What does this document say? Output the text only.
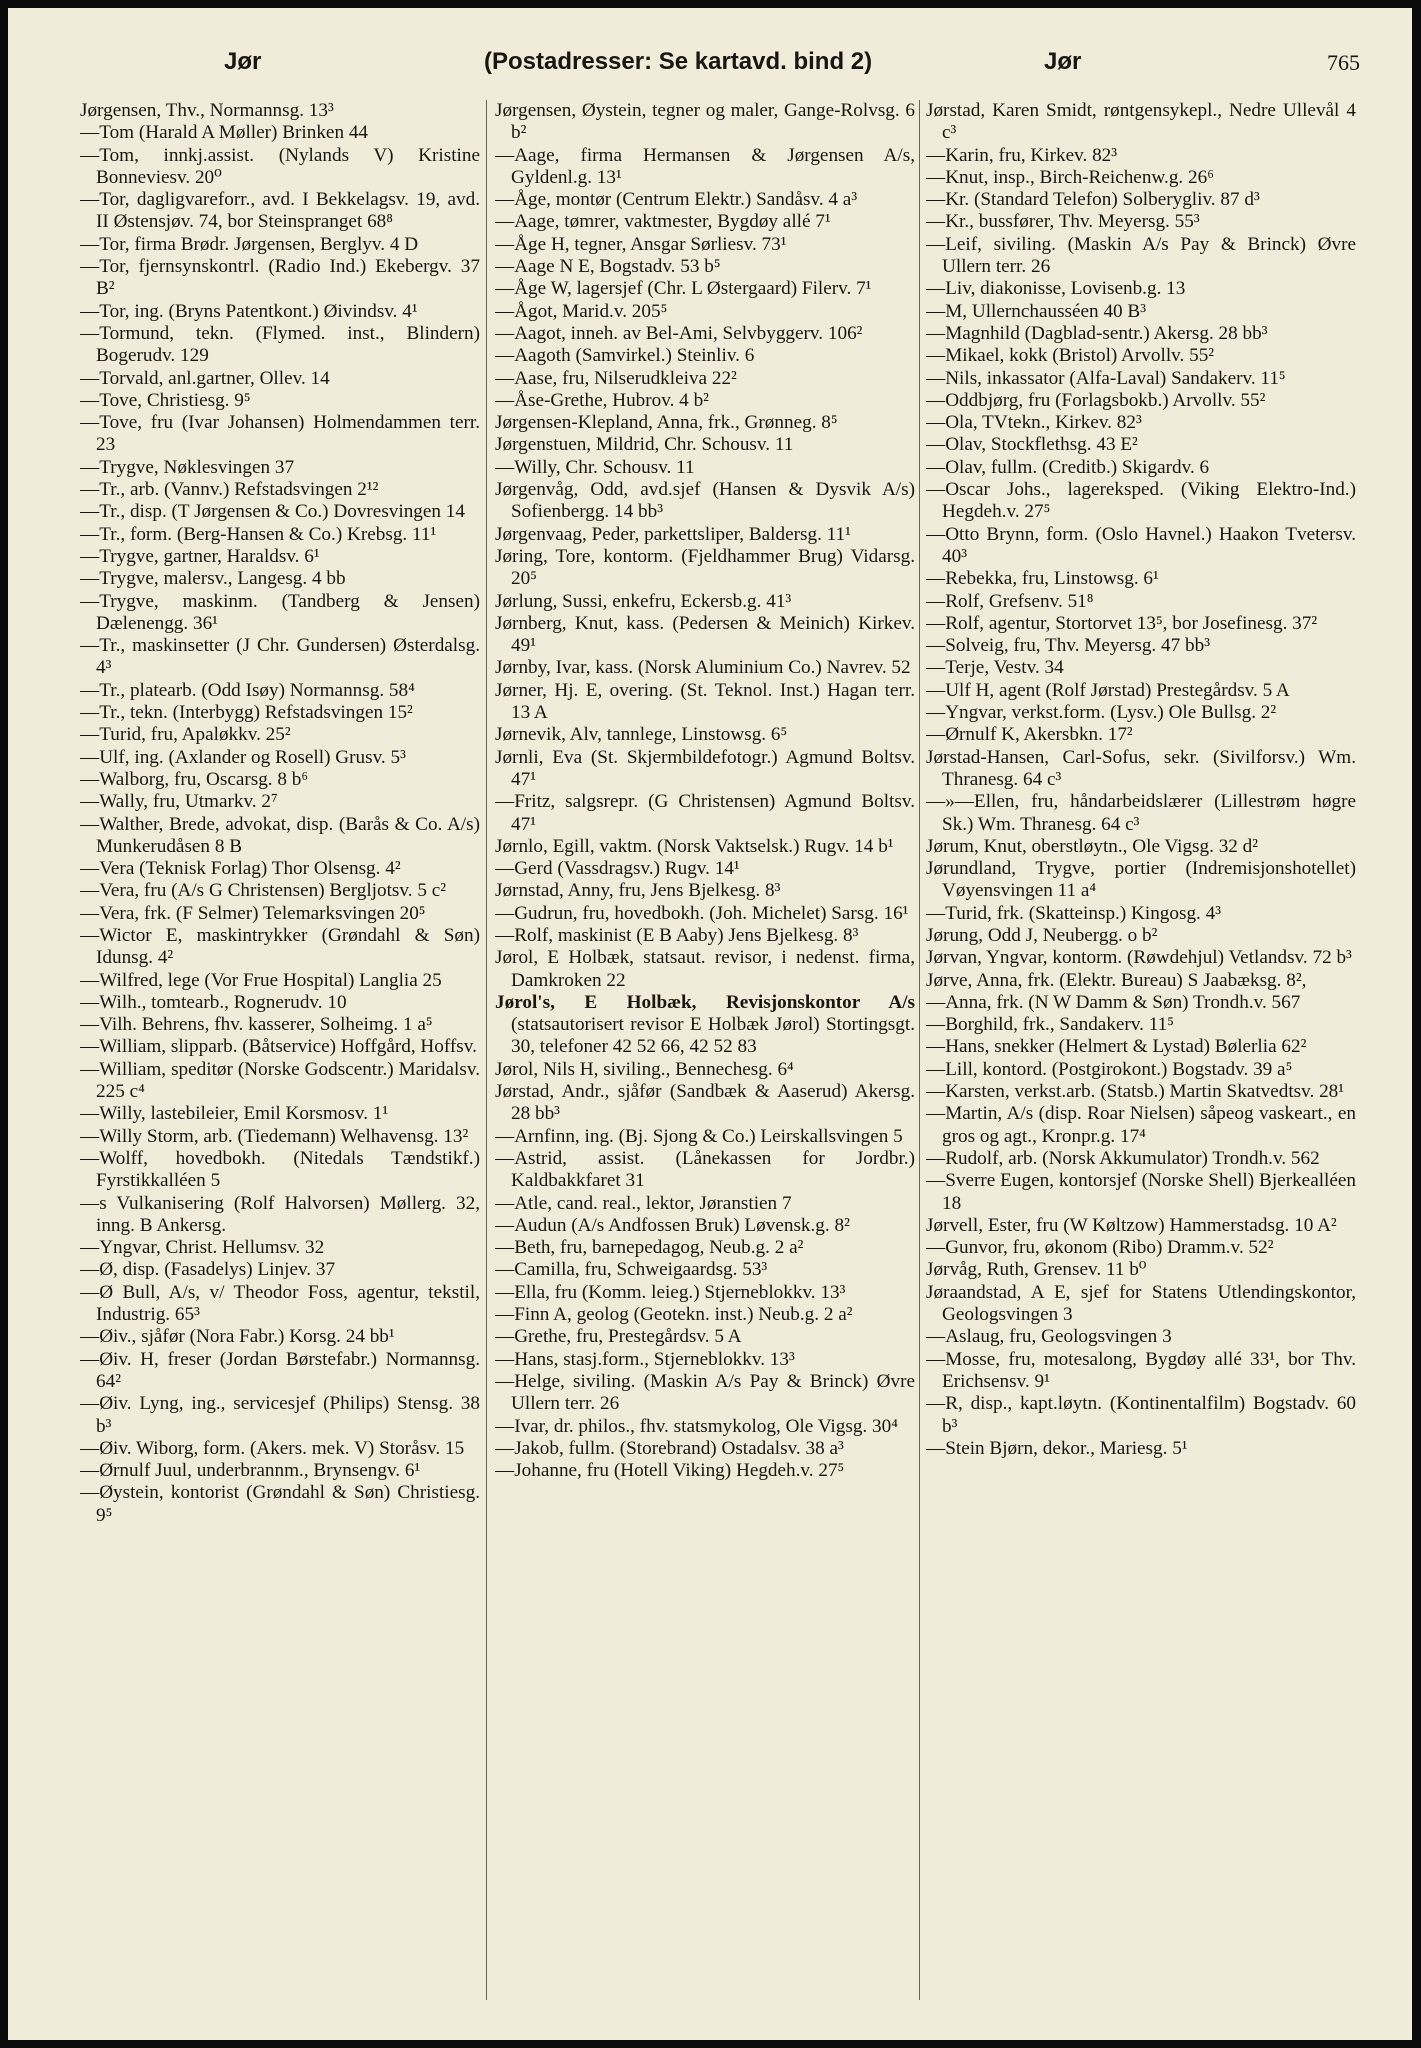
Jør	(Postadresser: Se kartavd. bind 2)	Jør	765

Jørgensen, Thv., Normannsg. 13³

—Tom (Harald A Møller) Brinken 44

—Tom, innkj.assist. (Nylands V) Kristine Bonneviesv. 20⁰

—Tor, dagligvareforr., avd. I Bekkelagsv. 19, avd. II Østensjøv. 74, bor Steinspranget 68⁸

—Tor, firma Brødr. Jørgensen, Berglyv. 4 D

—Tor, fjernsynskontrl. (Radio Ind.) Ekebergv. 37 B²

—Tor, ing. (Bryns Patentkont.) Øivindsv. 4¹

—Tormund, tekn. (Flymed. inst., Blindern) Bogerudv. 129

—Torvald, anl.gartner, Ollev. 14

—Tove, Christiesg. 9⁵

—Tove, fru (Ivar Johansen) Holmendammen terr. 23

—Trygve, Nøklesvingen 37

—Tr., arb. (Vannv.) Refstadsvingen 2¹²

—Tr., disp. (T Jørgensen & Co.) Dovresvingen 14

—Tr., form. (Berg-Hansen & Co.) Krebsg. 11¹

—Trygve, gartner, Haraldsv. 6¹

—Trygve, malersv., Langesg. 4 bb

—Trygve, maskinm. (Tandberg & Jensen) Dælenengg. 36¹

—Tr., maskinsetter (J Chr. Gundersen) Østerdalsg. 4³

—Tr., platearb. (Odd Isøy) Normannsg. 58⁴

—Tr., tekn. (Interbygg) Refstadsvingen 15²

—Turid, fru, Apaløkkv. 25²

—Ulf, ing. (Axlander og Rosell) Grusv. 5³

—Walborg, fru, Oscarsg. 8 b⁶

—Wally, fru, Utmarkv. 2⁷

—Walther, Brede, advokat, disp. (Barås & Co. A/s) Munkerudåsen 8 B

—Vera (Teknisk Forlag) Thor Olsensg. 4²

—Vera, fru (A/s G Christensen) Bergljotsv. 5 c²

—Vera, frk. (F Selmer) Telemarksvingen 20⁵

—Wictor E, maskintrykker (Grøndahl & Søn) Idunsg. 4²

—Wilfred, lege (Vor Frue Hospital) Langlia 25

—Wilh., tomtearb., Rognerudv. 10

—Vilh. Behrens, fhv. kasserer, Solheimg. 1 a⁵

—William, slipparb. (Båtservice) Hoffgård, Hoffsv.

—William, speditør (Norske Godscentr.) Maridalsv. 225 c⁴

—Willy, lastebileier, Emil Korsmosv. 1¹

—Willy Storm, arb. (Tiedemann) Welhavensg. 13²

—Wolff, hovedbokh. (Nitedals Tændstikf.) Fyrstikkalléen 5

—s Vulkanisering (Rolf Halvorsen) Møllerg. 32, inng. B Ankersg.

—Yngvar, Christ. Hellumsv. 32

—Ø, disp. (Fasadelys) Linjev. 37

—Ø Bull, A/s, v/ Theodor Foss, agentur, tekstil, Industrig. 65³

—Øiv., sjåfør (Nora Fabr.) Korsg. 24 bb¹

—Øiv. H, freser (Jordan Børstefabr.) Normannsg. 64²

—Øiv. Lyng, ing., servicesjef (Philips) Stensg. 38 b³

—Øiv. Wiborg, form. (Akers. mek. V) Storåsv. 15

—Ørnulf Juul, underbrannm., Brynsengv. 6¹

—Øystein, kontorist (Grøndahl & Søn) Christiesg. 9⁵

Jørgensen, Øystein, tegner og maler, Gange-Rolvsg. 6 b²

—Aage, firma Hermansen & Jørgensen A/s, Gyldenl.g. 13¹

—Åge, montør (Centrum Elektr.) Sandåsv. 4 a³

—Aage, tømrer, vaktmester, Bygdøy allé 7¹

—Åge H, tegner, Ansgar Sørliesv. 73¹

—Aage N E, Bogstadv. 53 b⁵

—Åge W, lagersjef (Chr. L Østergaard) Filerv. 7¹

—Ågot, Marid.v. 205⁵

—Aagot, inneh. av Bel-Ami, Selvbyggerv. 106²

—Aagoth (Samvirkel.) Steinliv. 6

—Aase, fru, Nilserudkleiva 22²

—Åse-Grethe, Hubrov. 4 b²

Jørgensen-Klepland, Anna, frk., Grønneg. 8⁵

Jørgenstuen, Mildrid, Chr. Schousv. 11

—Willy, Chr. Schousv. 11

Jørgenvåg, Odd, avd.sjef (Hansen & Dysvik A/s) Sofienbergg. 14 bb³

Jørgenvaag, Peder, parkettsliper, Baldersg. 11¹

Jøring, Tore, kontorm. (Fjeldhammer Brug) Vidarsg. 20⁵

Jørlung, Sussi, enkefru, Eckersb.g. 41³

Jørnberg, Knut, kass. (Pedersen & Meinich) Kirkev. 49¹

Jørnby, Ivar, kass. (Norsk Aluminium Co.) Navrev. 52

Jørner, Hj. E, overing. (St. Teknol. Inst.) Hagan terr. 13 A

Jørnevik, Alv, tannlege, Linstowsg. 6⁵

Jørnli, Eva (St. Skjermbildefotogr.) Agmund Boltsv. 47¹

—Fritz, salgsrepr. (G Christensen) Agmund Boltsv. 47¹

Jørnlo, Egill, vaktm. (Norsk Vaktselsk.) Rugv. 14 b¹

—Gerd (Vassdragsv.) Rugv. 14¹

Jørnstad, Anny, fru, Jens Bjelkesg. 8³

—Gudrun, fru, hovedbokh. (Joh. Michelet) Sarsg. 16¹

—Rolf, maskinist (E B Aaby) Jens Bjelkesg. 8³

Jørol, E Holbæk, statsaut. revisor, i nedenst. firma, Damkroken 22

Jørol's, E Holbæk, Revisjonskontor A/s (statsautorisert revisor E Holbæk Jørol) Stortingsgt. 30, telefoner 42 52 66, 42 52 83

Jørol, Nils H, siviling., Bennechesg. 6⁴

Jørstad, Andr., sjåfør (Sandbæk & Aaserud) Akersg. 28 bb³

—Arnfinn, ing. (Bj. Sjong & Co.) Leirskallsvingen 5

—Astrid, assist. (Lånekassen for Jordbr.) Kaldbakkfaret 31

—Atle, cand. real., lektor, Jøranstien 7

—Audun (A/s Andfossen Bruk) Løvensk.g. 8²

—Beth, fru, barnepedagog, Neub.g. 2 a²

—Camilla, fru, Schweigaardsg. 53³

—Ella, fru (Komm. leieg.) Stjerneblokkv. 13³

—Finn A, geolog (Geotekn. inst.) Neub.g. 2 a²

—Grethe, fru, Prestegårdsv. 5 A

—Hans, stasj.form., Stjerneblokkv. 13³

—Helge, siviling. (Maskin A/s Pay & Brinck) Øvre Ullern terr. 26

—Ivar, dr. philos., fhv. statsmykolog, Ole Vigsg. 30⁴

—Jakob, fullm. (Storebrand) Ostadalsv. 38 a³

—Johanne, fru (Hotell Viking) Hegdeh.v. 27⁵

Jørstad, Karen Smidt, røntgensykepl., Nedre Ullevål 4 c³

—Karin, fru, Kirkev. 82³

—Knut, insp., Birch-Reichenw.g. 26⁶

—Kr. (Standard Telefon) Solberygliv. 87 d³

—Kr., bussfører, Thv. Meyersg. 55³

—Leif, siviling. (Maskin A/s Pay & Brinck) Øvre Ullern terr. 26

—Liv, diakonisse, Lovisenb.g. 13

—M, Ullernchausséen 40 B³

—Magnhild (Dagblad-sentr.) Akersg. 28 bb³

—Mikael, kokk (Bristol) Arvollv. 55²

—Nils, inkassator (Alfa-Laval) Sandakerv. 11⁵

—Oddbjørg, fru (Forlagsbokb.) Arvollv. 55²

—Ola, TVtekn., Kirkev. 82³

—Olav, Stockflethsg. 43 E²

—Olav, fullm. (Creditb.) Skigardv. 6

—Oscar Johs., lagereksped. (Viking Elektro-Ind.) Hegdeh.v. 27⁵

—Otto Brynn, form. (Oslo Havnel.) Haakon Tvetersv. 40³

—Rebekka, fru, Linstowsg. 6¹

—Rolf, Grefsenv. 51⁸

—Rolf, agentur, Stortorvet 13⁵, bor Josefinesg. 37²

—Solveig, fru, Thv. Meyersg. 47 bb³

—Terje, Vestv. 34

—Ulf H, agent (Rolf Jørstad) Prestegårdsv. 5 A

—Yngvar, verkst.form. (Lysv.) Ole Bullsg. 2²

—Ørnulf K, Akersbkn. 17²

Jørstad-Hansen, Carl-Sofus, sekr. (Sivilforsv.) Wm. Thranesg. 64 c³

—»—Ellen, fru, håndarbeidslærer (Lillestrøm høgre Sk.) Wm. Thranesg. 64 c³

Jørum, Knut, oberstløytn., Ole Vigsg. 32 d²

Jørundland, Trygve, portier (Indremisjonshotellet) Vøyensvingen 11 a⁴

—Turid, frk. (Skatteinsp.) Kingosg. 4³

Jørung, Odd J, Neubergg. o b²

Jørvan, Yngvar, kontorm. (Røwdehjul) Vetlandsv. 72 b³

Jørve, Anna, frk. (Elektr. Bureau) S Jaabæksg. 8²,

—Anna, frk. (N W Damm & Søn) Trondh.v. 567

—Borghild, frk., Sandakerv. 11⁵

—Hans, snekker (Helmert & Lystad) Bølerlia 62²

—Lill, kontord. (Postgirokont.) Bogstadv. 39 a⁵

—Karsten, verkst.arb. (Statsb.) Martin Skatvedtsv. 28¹

—Martin, A/s (disp. Roar Nielsen) såpeog vaskeart., en gros og agt., Kronpr.g. 17⁴

—Rudolf, arb. (Norsk Akkumulator) Trondh.v. 562

—Sverre Eugen, kontorsjef (Norske Shell) Bjerkealléen 18

Jørvell, Ester, fru (W Køltzow) Hammerstadsg. 10 A²

—Gunvor, fru, økonom (Ribo) Dramm.v. 52²

Jørvåg, Ruth, Grensev. 11 b⁰

Jøraandstad, A E, sjef for Statens Utlendingskontor, Geologsvingen 3

—Aslaug, fru, Geologsvingen 3

—Mosse, fru, motesalong, Bygdøy allé 33¹, bor Thv. Erichsensv. 9¹

—R, disp., kapt.løytn. (Kontinentalfilm) Bogstadv. 60 b³

—Stein Bjørn, dekor., Mariesg. 5¹
